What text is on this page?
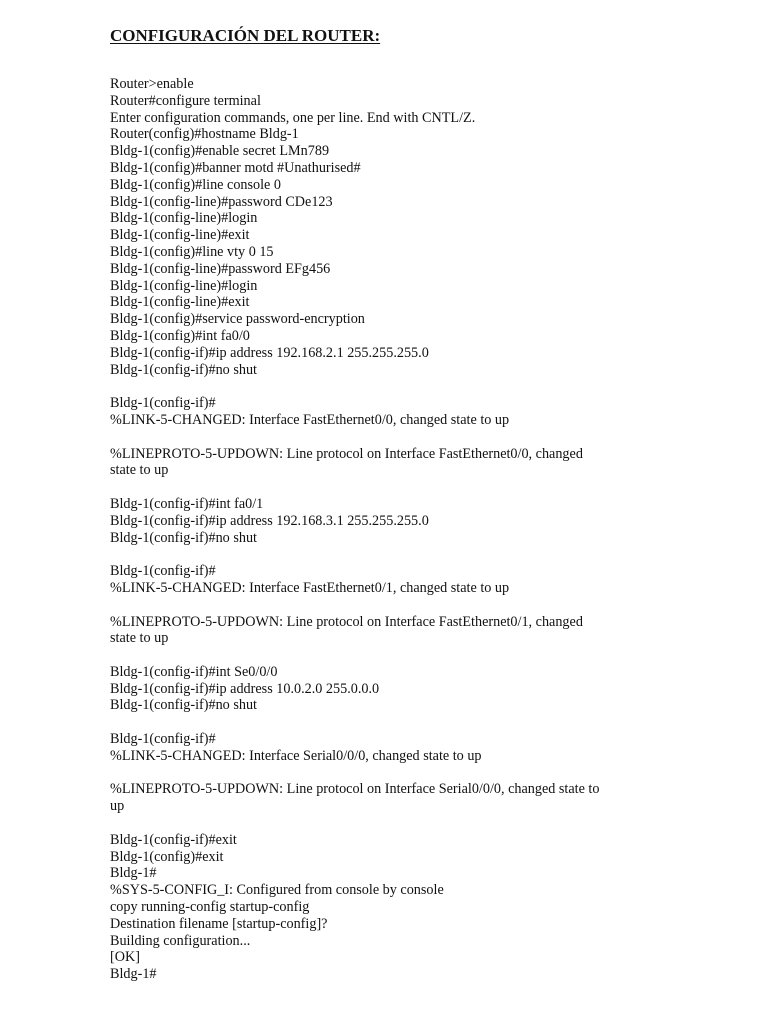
CONFIGURACIÓN DEL ROUTER:
Router>enable
Router#configure terminal
Enter configuration commands, one per line. End with CNTL/Z.
Router(config)#hostname Bldg-1
Bldg-1(config)#enable secret LMn789
Bldg-1(config)#banner motd #Unathurised#
Bldg-1(config)#line console 0
Bldg-1(config-line)#password CDe123
Bldg-1(config-line)#login
Bldg-1(config-line)#exit
Bldg-1(config)#line vty 0 15
Bldg-1(config-line)#password EFg456
Bldg-1(config-line)#login
Bldg-1(config-line)#exit
Bldg-1(config)#service password-encryption
Bldg-1(config)#int fa0/0
Bldg-1(config-if)#ip address 192.168.2.1 255.255.255.0
Bldg-1(config-if)#no shut
Bldg-1(config-if)#
%LINK-5-CHANGED: Interface FastEthernet0/0, changed state to up
%LINEPROTO-5-UPDOWN: Line protocol on Interface FastEthernet0/0, changed
state to up
Bldg-1(config-if)#int fa0/1
Bldg-1(config-if)#ip address 192.168.3.1 255.255.255.0
Bldg-1(config-if)#no shut
Bldg-1(config-if)#
%LINK-5-CHANGED: Interface FastEthernet0/1, changed state to up
%LINEPROTO-5-UPDOWN: Line protocol on Interface FastEthernet0/1, changed
state to up
Bldg-1(config-if)#int Se0/0/0
Bldg-1(config-if)#ip address 10.0.2.0 255.0.0.0
Bldg-1(config-if)#no shut
Bldg-1(config-if)#
%LINK-5-CHANGED: Interface Serial0/0/0, changed state to up
%LINEPROTO-5-UPDOWN: Line protocol on Interface Serial0/0/0, changed state to
up
Bldg-1(config-if)#exit
Bldg-1(config)#exit
Bldg-1#
%SYS-5-CONFIG_I: Configured from console by console
copy running-config startup-config
Destination filename [startup-config]?
Building configuration...
[OK]
Bldg-1#
